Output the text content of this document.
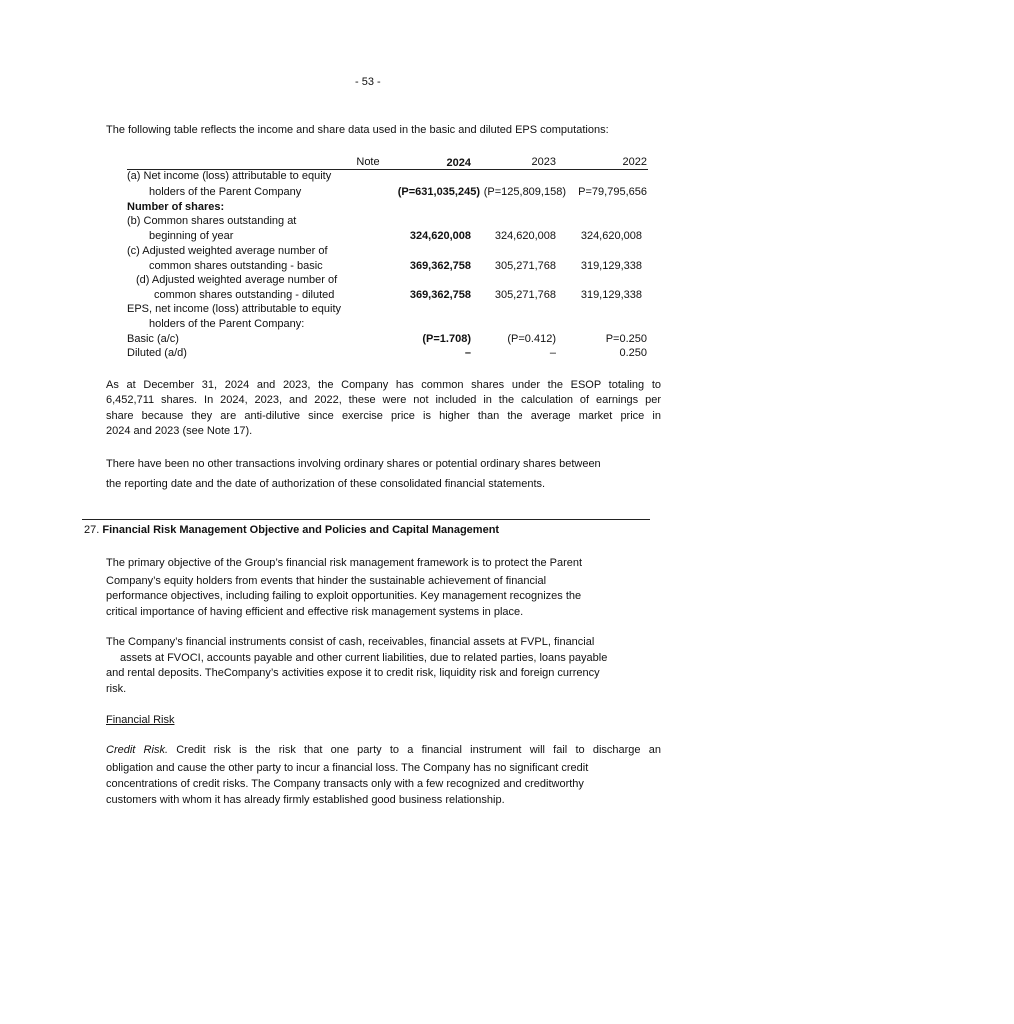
- 53 -
The following table reflects the income and share data used in the basic and diluted EPS computations:
Note	2024	2023	2022
(a) Net income (loss) attributable to equity
holders of the Parent Company	(P=631,035,245) (P=125,809,158)	P=79,795,656
Number of shares:
(b) Common shares outstanding at
beginning of year	324,620,008	324,620,008	324,620,008
(c) Adjusted weighted average number of
common shares outstanding - basic	369,362,758	305,271,768	319,129,338
(d) Adjusted weighted average number of
common shares outstanding - diluted	369,362,758	305,271,768	319,129,338
EPS, net income (loss) attributable to equity
holders of the Parent Company:
Basic (a/c)	(P=1.708)	(P=0.412)	P=0.250
Diluted (a/d)	–	–	0.250
As at December 31, 2024 and 2023, the Company has common shares under the ESOP totaling to
6,452,711 shares. In 2024, 2023, and 2022, these were not included in the calculation of earnings per
share because they are anti-dilutive since exercise price is higher than the average market price in
2024 and 2023 (see Note 17).
There have been no other transactions involving ordinary shares or potential ordinary shares between
the reporting date and the date of authorization of these consolidated financial statements.
27. Financial Risk Management Objective and Policies and Capital Management
The primary objective of the Group’s financial risk management framework is to protect the Parent
Company’s equity holders from events that hinder the sustainable achievement of financial
performance objectives, including failing to exploit opportunities. Key management recognizes the
critical importance of having efficient and effective risk management systems in place.
The Company’s financial instruments consist of cash, receivables, financial assets at FVPL, financial
assets at FVOCI, accounts payable and other current liabilities, due to related parties, loans payable
and rental deposits. TheCompany’s activities expose it to credit risk, liquidity risk and foreign currency
risk.
Financial Risk
Credit Risk. Credit risk is the risk that one party to a financial instrument will fail to discharge an
obligation and cause the other party to incur a financial loss. The Company has no significant credit
concentrations of credit risks. The Company transacts only with a few recognized and creditworthy
customers with whom it has already firmly established good business relationship.
